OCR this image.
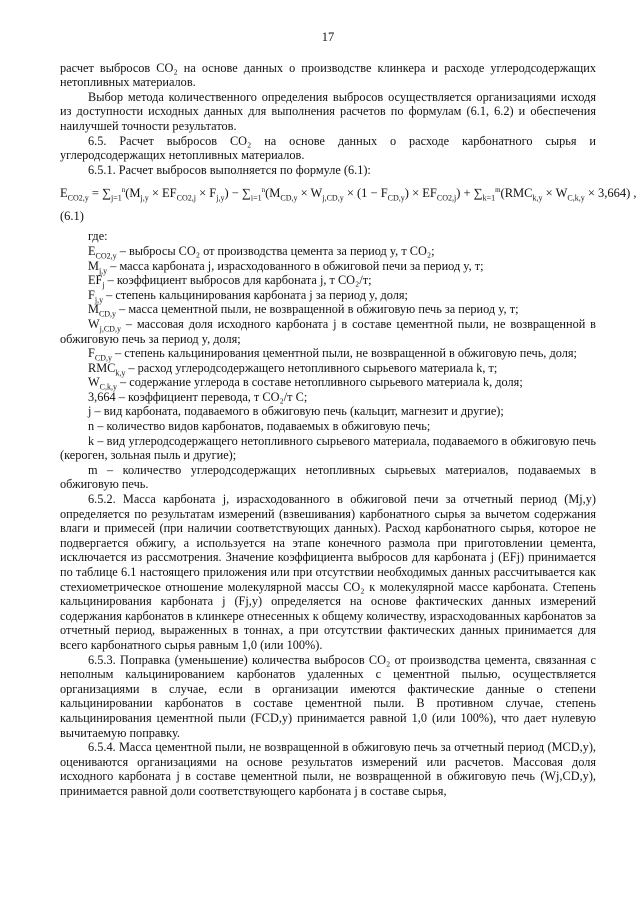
17

расчет выбросов CO₂ на основе данных о производстве клинкера и расходе углеродсодержащих нетопливных материалов.

Выбор метода количественного определения выбросов осуществляется организациями исходя из доступности исходных данных для выполнения расчетов по формулам (6.1, 6.2) и обеспечения наилучшей точности результатов.

6.5. Расчет выбросов CO₂ на основе данных о расходе карбонатного сырья и углеродсодержащих нетопливных материалов.

6.5.1. Расчет выбросов выполняется по формуле (6.1):

$E_{CO2,y} = \sum_{j=1}^n(M_{j,y} \times EF_{CO2,j} \times F_{j,y}) - \sum_{i=1}^n(M_{CD,y} \times W_{j,CD,y} \times (1 - F_{CD,y}) \times EF_{CO2,j}) + \sum_{k=1}^m(RMC_{k,y} \times W_{C,k,y} \times 3,664)$ ,
(6.1)

где:

$E_{CO2,y}$ – выбросы CO₂ от производства цемента за период y, т CO₂;

$M_{j,y}$ – масса карбоната j, израсходованного в обжиговой печи за период y, т;

$EF_j$ – коэффициент выбросов для карбоната j, т CO₂/т;

$F_{j,y}$ – степень кальцинирования карбоната j за период y, доля;

$M_{CD,y}$ – масса цементной пыли, не возвращенной в обжиговую печь за период y, т;

$W_{j,CD,y}$ – массовая доля исходного карбоната j в составе цементной пыли, не возвращенной в обжиговую печь за период y, доля;

$F_{CD,y}$ – степень кальцинирования цементной пыли, не возвращенной в обжиговую печь, доля;

$RMC_{k,y}$ – расход углеродсодержащего нетопливного сырьевого материала k, т;

$W_{C,k,y}$ – содержание углерода в составе нетопливного сырьевого материала k, доля;

3,664 – коэффициент перевода, т CO₂/т С;

j – вид карбоната, подаваемого в обжиговую печь (кальцит, магнезит и другие);

n – количество видов карбонатов, подаваемых в обжиговую печь;

k – вид углеродсодержащего нетопливного сырьевого материала, подаваемого в обжиговую печь (кероген, зольная пыль и другие);

m – количество углеродсодержащих нетопливных сырьевых материалов, подаваемых в обжиговую печь.

6.5.2. Масса карбоната j, израсходованного в обжиговой печи за отчетный период (Mj,y) определяется по результатам измерений (взвешивания) карбонатного сырья за вычетом содержания влаги и примесей (при наличии соответствующих данных). Расход карбонатного сырья, которое не подвергается обжигу, а используется на этапе конечного размола при приготовлении цемента, исключается из рассмотрения. Значение коэффициента выбросов для карбоната j (EFj) принимается по таблице 6.1 настоящего приложения или при отсутствии необходимых данных рассчитывается как стехиометрическое отношение молекулярной массы CO₂ к молекулярной массе карбоната. Степень кальцинирования карбоната j (Fj,y) определяется на основе фактических данных измерений содержания карбонатов в клинкере отнесенных к общему количеству, израсходованных карбонатов за отчетный период, выраженных в тоннах, а при отсутствии фактических данных принимается для всего карбонатного сырья равным 1,0 (или 100%).

6.5.3. Поправка (уменьшение) количества выбросов CO₂ от производства цемента, связанная с неполным кальцинированием карбонатов удаленных с цементной пылью, осуществляется организациями в случае, если в организации имеются фактические данные о степени кальцинировании карбонатов в составе цементной пыли. В противном случае, степень кальцинирования цементной пыли (FCD,y) принимается равной 1,0 (или 100%), что дает нулевую вычитаемую поправку.

6.5.4. Масса цементной пыли, не возвращенной в обжиговую печь за отчетный период (MCD,y), оцениваются организациями на основе результатов измерений или расчетов. Массовая доля исходного карбоната j в составе цементной пыли, не возвращенной в обжиговую печь (Wj,CD,y), принимается равной доли соответствующего карбоната j в составе сырья,
